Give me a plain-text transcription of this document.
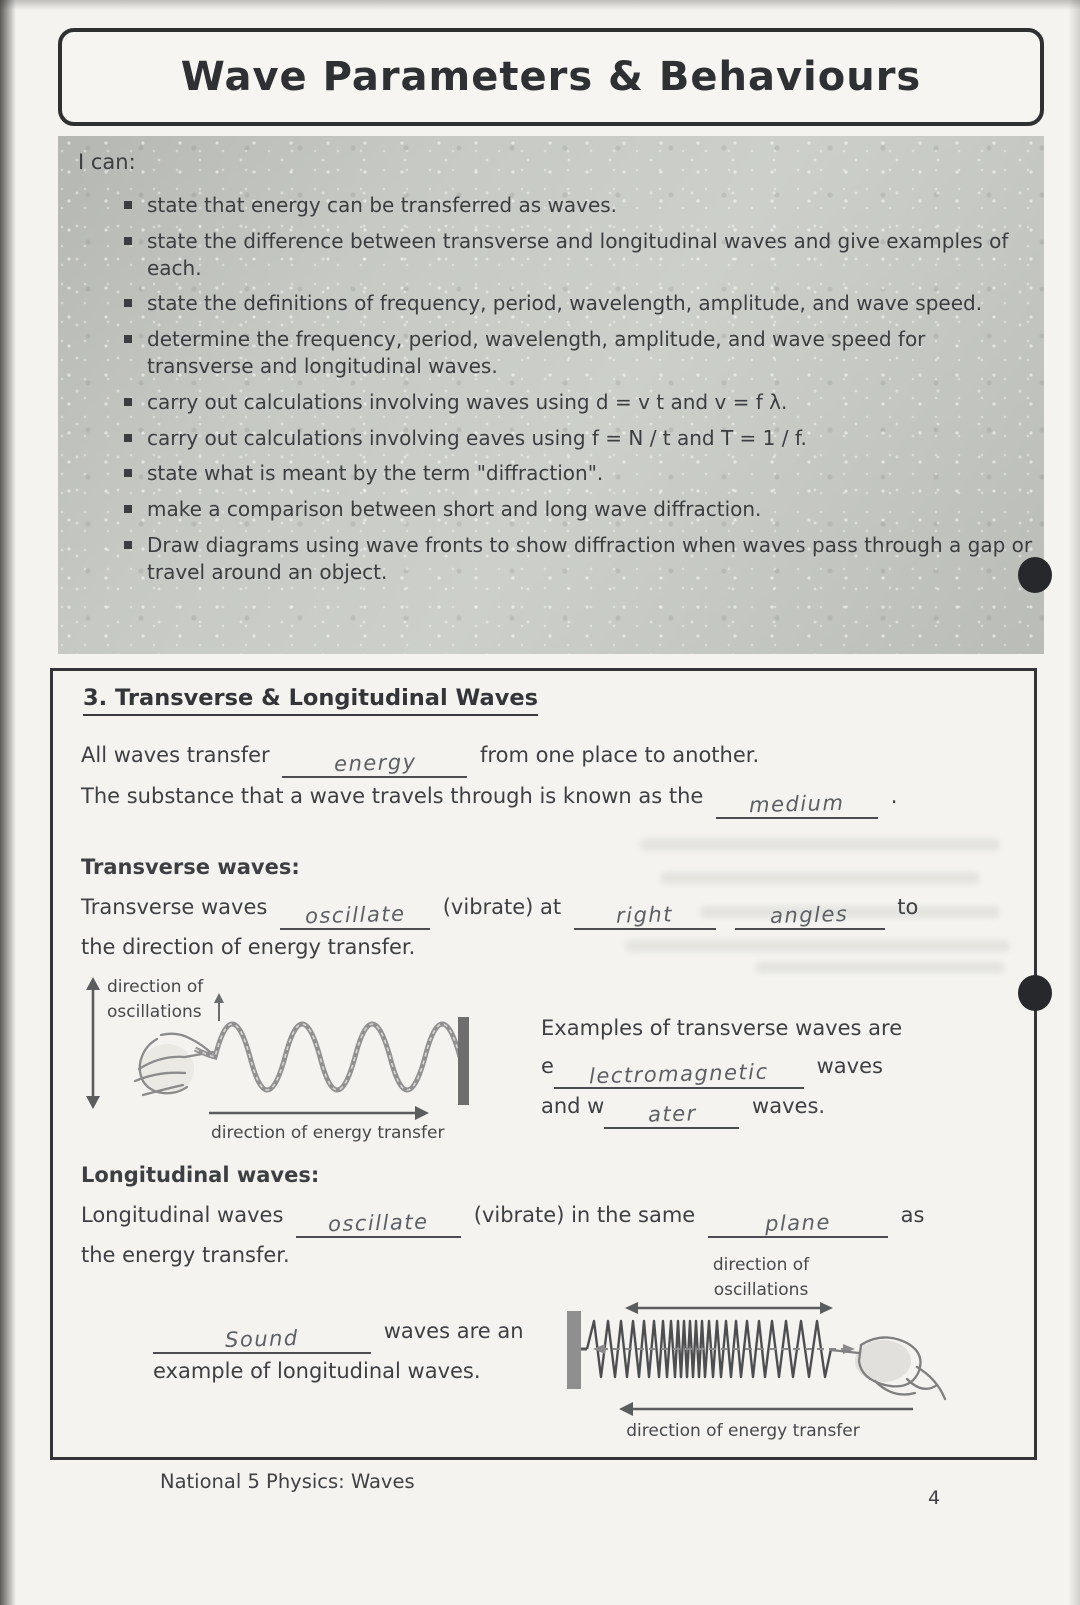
Wave Parameters & Behaviours
I can:
state that energy can be transferred as waves.
state the difference between transverse and longitudinal waves and give examples of each.
state the definitions of frequency, period, wavelength, amplitude, and wave speed.
determine the frequency, period, wavelength, amplitude, and wave speed for transverse and longitudinal waves.
carry out calculations involving waves using d = v t and v = f λ.
carry out calculations involving eaves using f = N / t and T = 1 / f.
state what is meant by the term "diffraction".
make a comparison between short and long wave diffraction.
Draw diagrams using wave fronts to show diffraction when waves pass through a gap or travel around an object.
3. Transverse & Longitudinal Waves
All waves transfer	energy	from one place to another.
The substance that a wave travels through is known as the medium .
Transverse waves:
Transverse waves oscillate (vibrate) at	right	angles to
the direction of energy transfer.
direction of
oscillations
direction of energy transfer
Examples of transverse waves are
e lectromagnetic waves
and w ater	waves.
Longitudinal waves:
Longitudinal waves oscillate (vibrate) in the same	plane	as
the energy transfer.
Sound	waves are an
example of longitudinal waves.
direction of
oscillations
direction of energy transfer
National 5 Physics: Waves
4
